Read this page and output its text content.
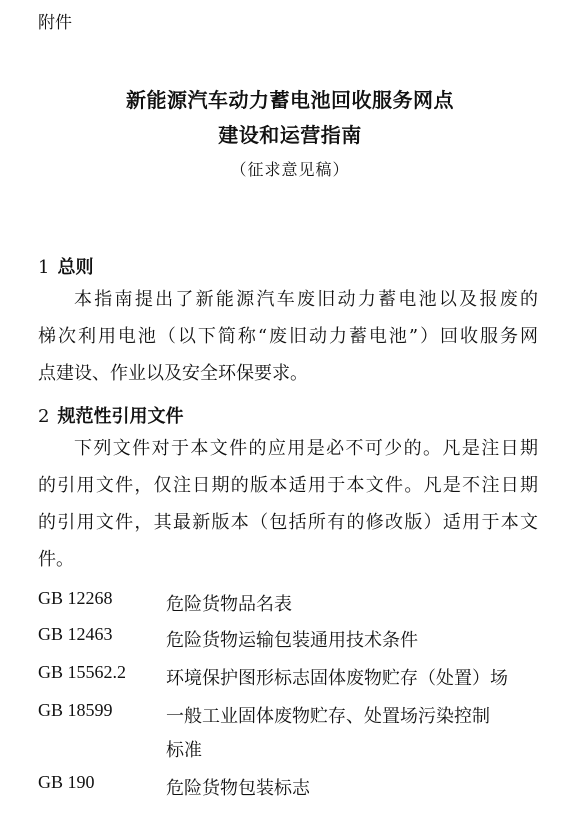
附件
新能源汽车动力蓄电池回收服务网点
建设和运营指南
（征求意见稿）
1 总则
本指南提出了新能源汽车废旧动力蓄电池以及报废的
梯次利用电池（以下简称“废旧动力蓄电池”）回收服务网
点建设、作业以及安全环保要求。
2 规范性引用文件
下列文件对于本文件的应用是必不可少的。凡是注日期
的引用文件，仅注日期的版本适用于本文件。凡是不注日期
的引用文件，其最新版本（包括所有的修改版）适用于本文
件。
GB 12268	危险货物品名表
GB 12463	危险货物运输包装通用技术条件
GB 15562.2 环境保护图形标志固体废物贮存（处置）场
GB 18599	一般工业固体废物贮存、处置场污染控制
标准
GB 190	危险货物包装标志
